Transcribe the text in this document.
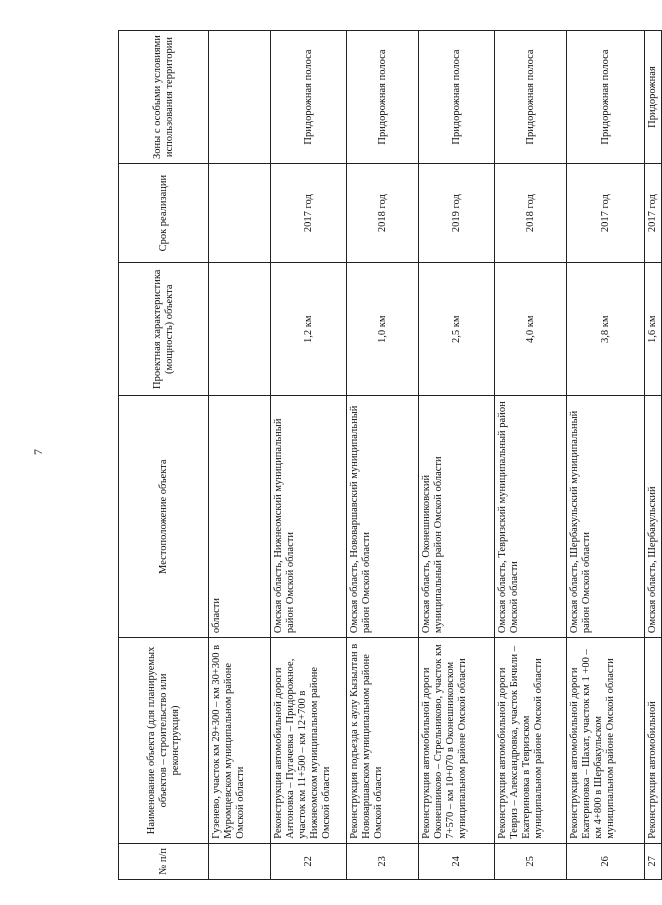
7
№ п/п	Наименование объекта (для планируемых объектов – строительство или реконструкция)	Местоположение объекта	Проектная характеристика (мощность) объекта	Срок реализации	Зоны с особыми условиями использования территории
	Гузенево, участок км 29+300 – км 30+300 в Муромцевском муниципальном районе Омской области	области			
22	Реконструкция автомобильной дороги Антоновка – Пугачевка – Придорожное, участок км 11+500 – км 12+700 в Нижнеомском муниципальном районе Омской области	Омская область, Нижнеомский муниципальный район Омской области	1,2 км	2017 год	Придорожная полоса
23	Реконструкция подъезда к аулу Кызылтан в Нововаршавском муниципальном районе Омской области	Омская область, Нововаршавский муниципальный район Омской области	1,0 км	2018 год	Придорожная полоса
24	Реконструкция автомобильной дороги Оконешниково – Стрельниково, участок км 7+570 – км 10+070 в Оконешниковском муниципальном районе Омской области	Омская область, Оконешниковский муниципальный район Омской области	2,5 км	2019 год	Придорожная полоса
25	Реконструкция автомобильной дороги Тевриз – Александровка, участок Бичили – Екатериновка в Тевризском муниципальном районе Омской области	Омская область, Тевризский муниципальный район Омской области	4,0 км	2018 год	Придорожная полоса
26	Реконструкция автомобильной дороги Екатериновка – Шахат, участок км 1 +00 – км 4+800 в Шербакульском муниципальном районе Омской области	Омская область, Шербакульский муниципальный район Омской области	3,8 км	2017 год	Придорожная полоса
27	Реконструкция автомобильной	Омская область, Шербакульский	1,6 км	2017 год	Придорожная
